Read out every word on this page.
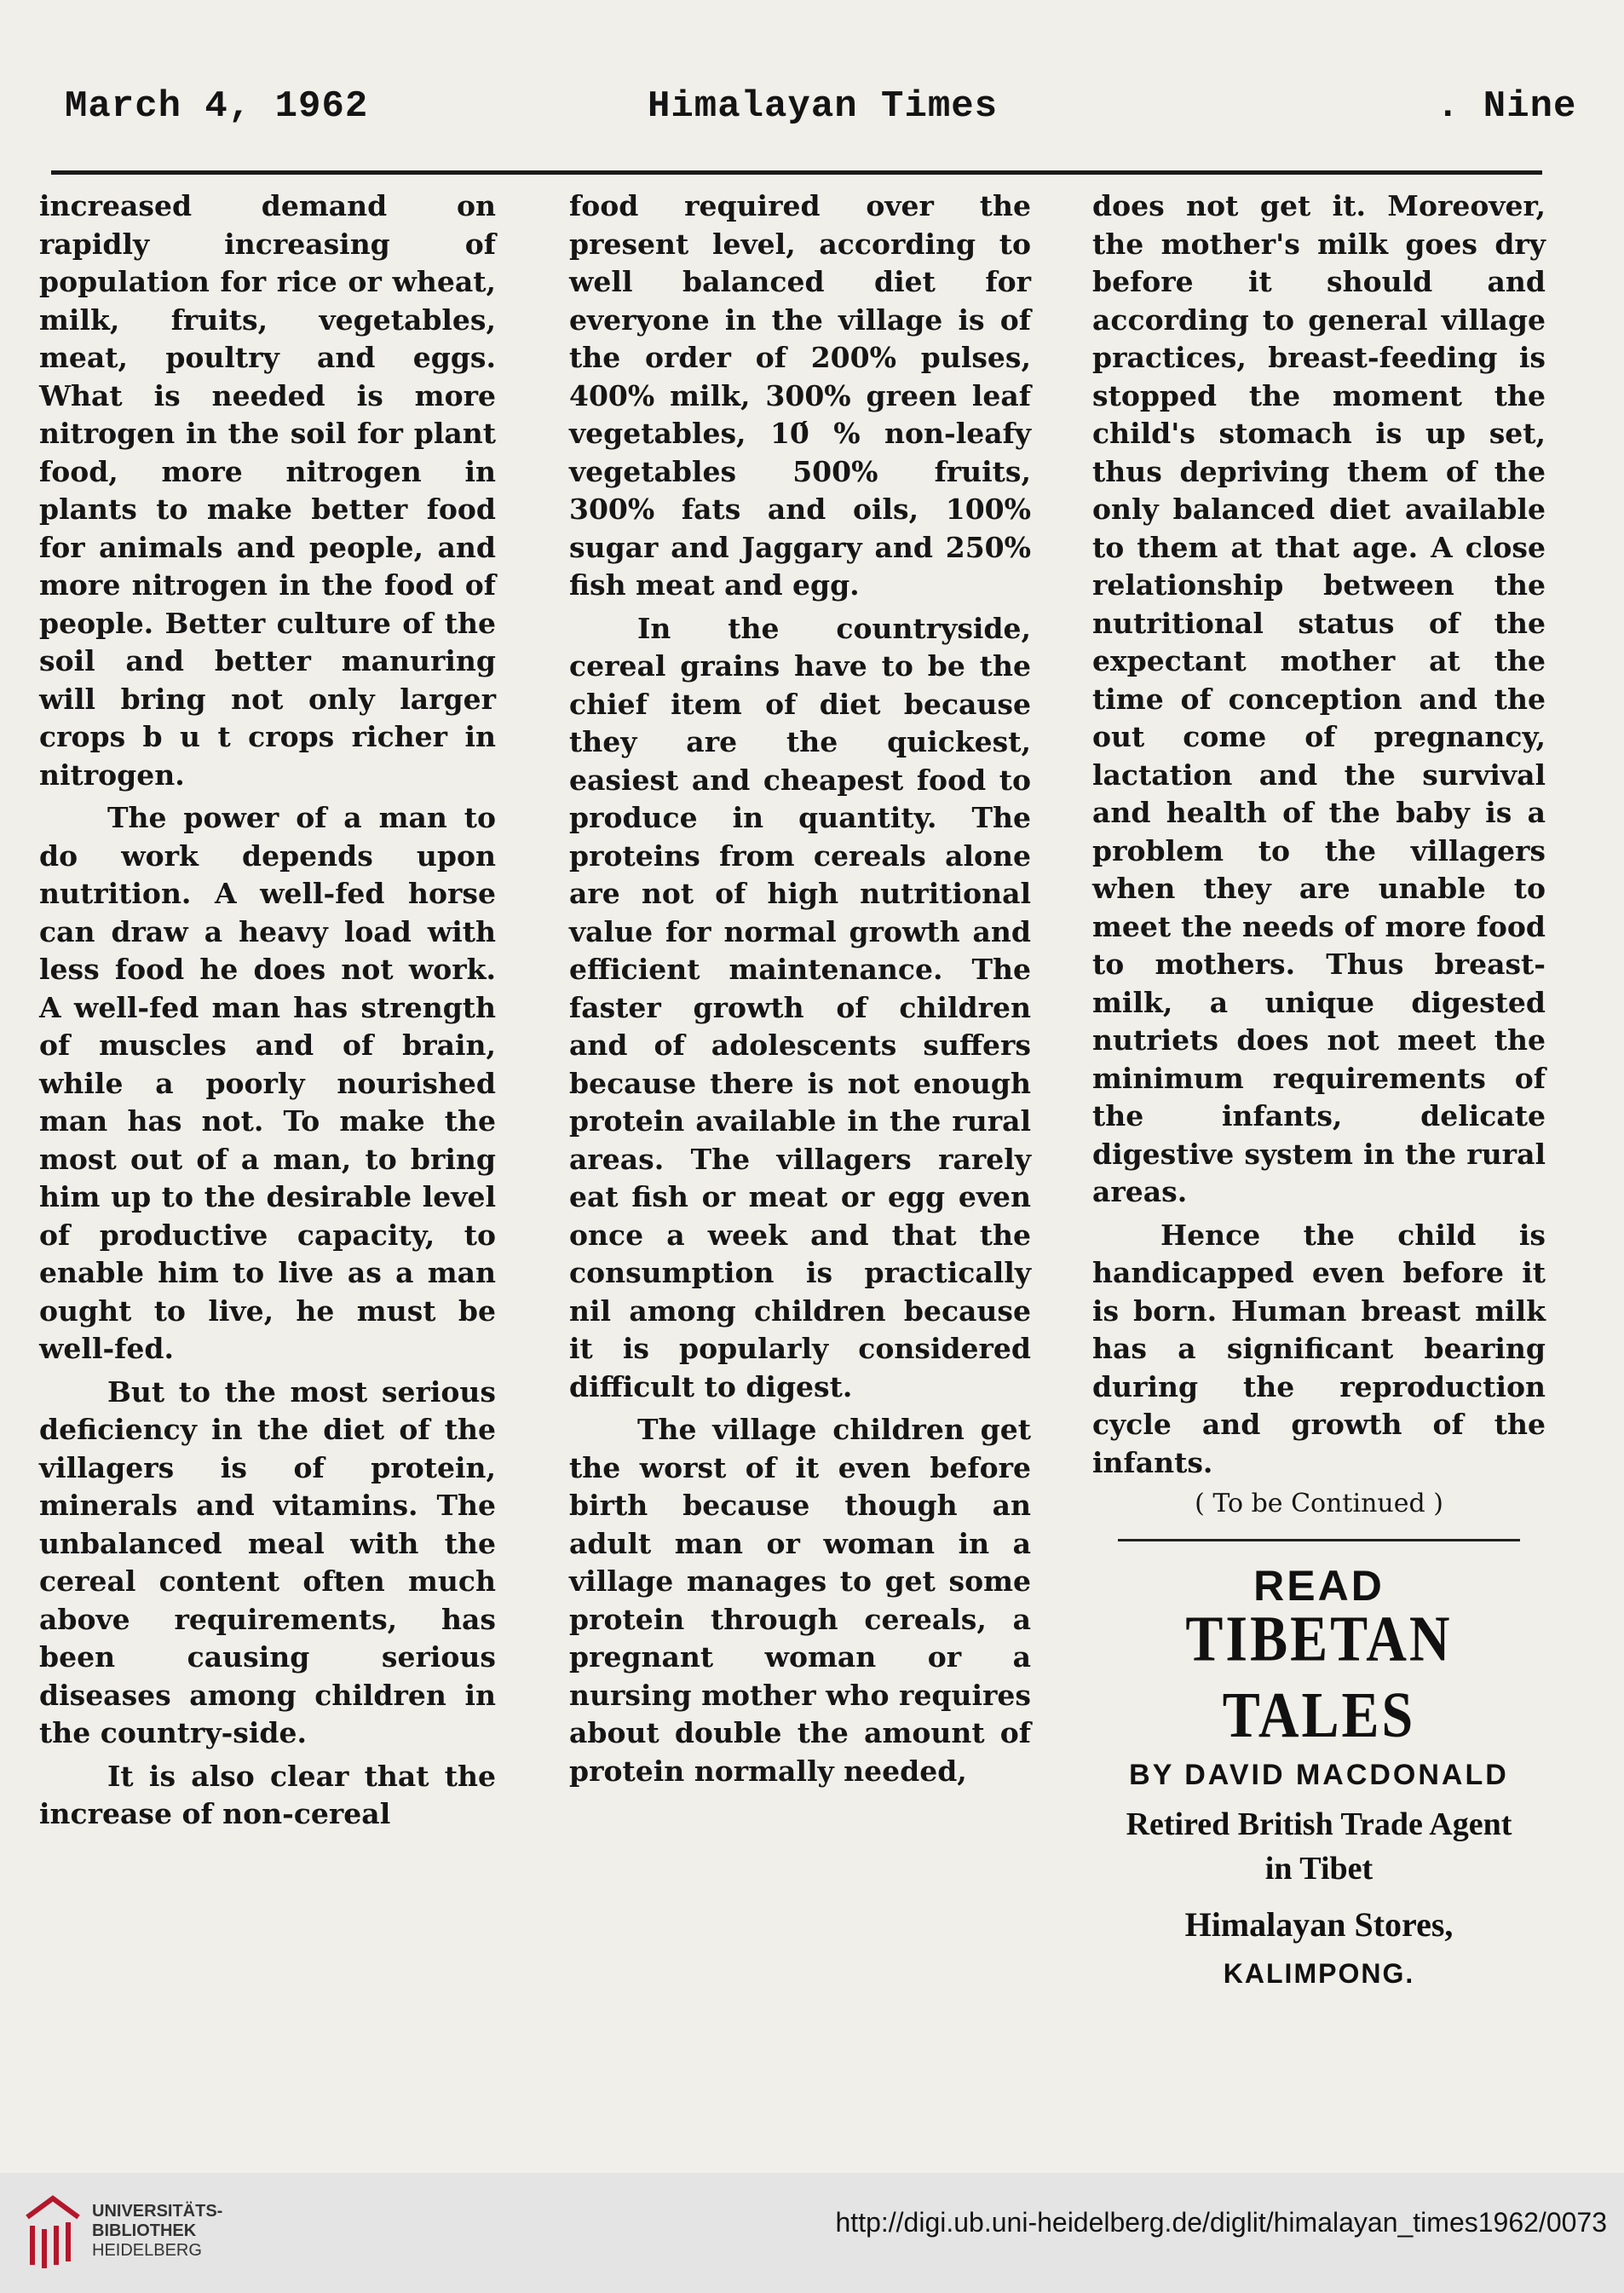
March 4, 1962	Himalayan Times	. Nine

increased demand on rapidly increasing of population for rice or wheat, milk, fruits, vegetables, meat, poultry and eggs. What is needed is more nitrogen in the soil for plant food, more nitrogen in plants to make better food for animals and people, and more nitrogen in the food of people. Better culture of the soil and better manuring will bring not only larger crops b u t crops richer in nitrogen.

The power of a man to do work depends upon nutrition. A well-fed horse can draw a heavy load with less food he does not work. A well-fed man has strength of muscles and of brain, while a poorly nourished man has not. To make the most out of a man, to bring him up to the desirable level of productive capacity, to enable him to live as a man ought to live, he must be well-fed.

But to the most serious deficiency in the diet of the villagers is of protein, minerals and vitamins. The unbalanced meal with the cereal content often much above requirements, has been causing serious diseases among children in the country-side.

It is also clear that the increase of non-cereal

food required over the present level, according to well balanced diet for everyone in the village is of the order of 200% pulses, 400% milk, 300% green leaf vegetables, 10́ % non-leafy vegetables 500% fruits, 300% fats and oils, 100% sugar and Jaggary and 250% fish meat and egg.

In the countryside, cereal grains have to be the chief item of diet because they are the quickest, easiest and cheapest food to produce in quantity. The proteins from cereals alone are not of high nutritional value for normal growth and efficient maintenance. The faster growth of children and of adolescents suffers because there is not enough protein available in the rural areas. The villagers rarely eat fish or meat or egg even once a week and that the consumption is practically nil among children because it is popularly considered difficult to digest.

The village children get the worst of it even before birth because though an adult man or woman in a village manages to get some protein through cereals, a pregnant woman or a nursing mother who requires about double the amount of protein normally needed,

does not get it. Moreover, the mother's milk goes dry before it should and according to general village practices, breast-feeding is stopped the moment the child's stomach is up set, thus depriving them of the only balanced diet available to them at that age. A close relationship between the nutritional status of the expectant mother at the time of conception and the out come of pregnancy, lactation and the survival and health of the baby is a problem to the villagers when they are unable to meet the needs of more food to mothers. Thus breast-milk, a unique digested nutriets does not meet the minimum requirements of the infants, delicate digestive system in the rural areas.

Hence the child is handicapped even before it is born. Human breast milk has a significant bearing during the reproduction cycle and growth of the infants.

( To be Continued )
READ
TIBETAN TALES
BY DAVID MACDONALD
Retired British Trade Agent
in Tibet
Himalayan Stores,
KALIMPONG.
UNIVERSITÄTS-
BIBLIOTHEK
HEIDELBERG
http://digi.ub.uni-heidelberg.de/diglit/himalayan_times1962/0073
